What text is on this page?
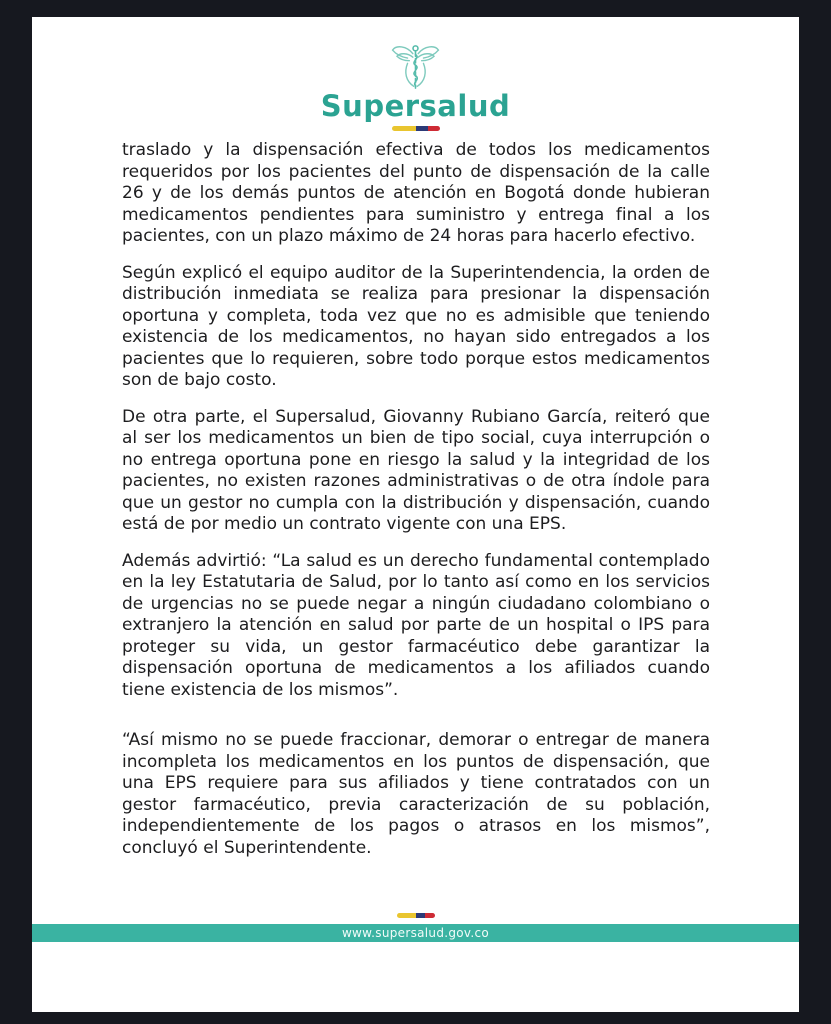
Supersalud

traslado y la dispensación efectiva de todos los medicamentos requeridos por los pacientes del punto de dispensación de la calle 26 y de los demás puntos de atención en Bogotá donde hubieran medicamentos pendientes para suministro y entrega final a los pacientes, con un plazo máximo de 24 horas para hacerlo efectivo.

Según explicó el equipo auditor de la Superintendencia, la orden de distribución inmediata se realiza para presionar la dispensación oportuna y completa, toda vez que no es admisible que teniendo existencia de los medicamentos, no hayan sido entregados a los pacientes que lo requieren, sobre todo porque estos medicamentos son de bajo costo.

De otra parte, el Supersalud, Giovanny Rubiano García, reiteró que al ser los medicamentos un bien de tipo social, cuya interrupción o no entrega oportuna pone en riesgo la salud y la integridad de los pacientes, no existen razones administrativas o de otra índole para que un gestor no cumpla con la distribución y dispensación, cuando está de por medio un contrato vigente con una EPS.

Además advirtió: “La salud es un derecho fundamental contemplado en la ley Estatutaria de Salud, por lo tanto así como en los servicios de urgencias no se puede negar a ningún ciudadano colombiano o extranjero la atención en salud por parte de un hospital o IPS para proteger su vida, un gestor farmacéutico debe garantizar la dispensación oportuna de medicamentos a los afiliados cuando tiene existencia de los mismos”.

“Así mismo no se puede fraccionar, demorar o entregar de manera incompleta los medicamentos en los puntos de dispensación, que una EPS requiere para sus afiliados y tiene contratados con un gestor farmacéutico, previa caracterización de su población, independientemente de los pagos o atrasos en los mismos”, concluyó el Superintendente.

www.supersalud.gov.co
